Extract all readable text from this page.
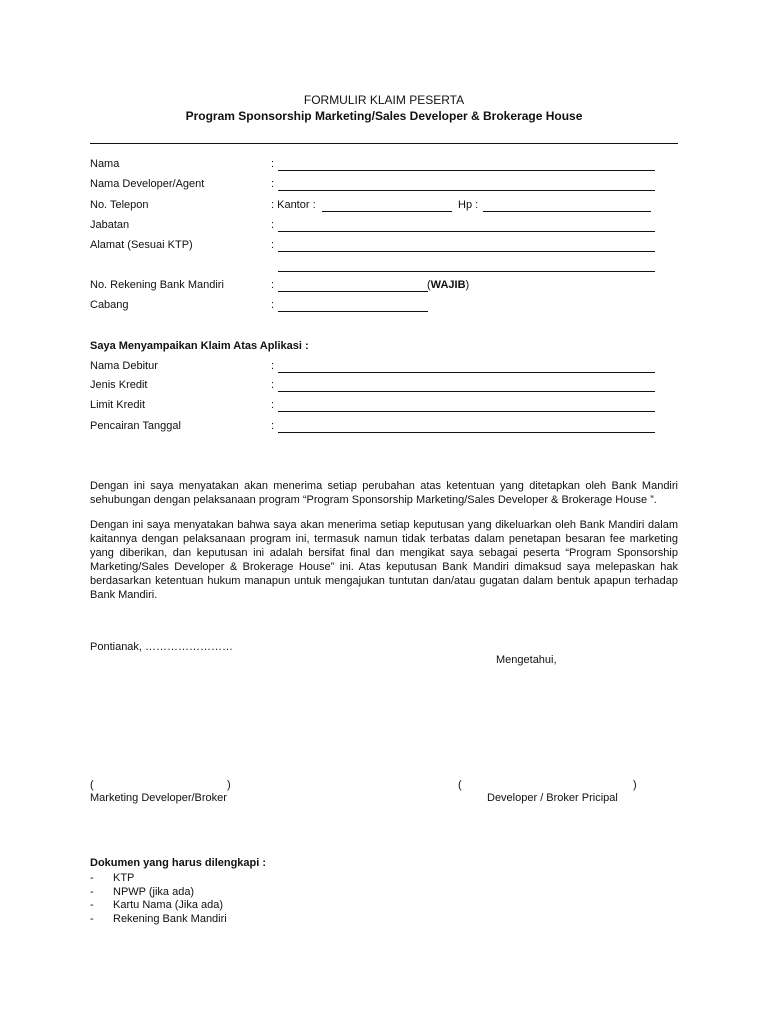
FORMULIR KLAIM PESERTA
Program Sponsorship Marketing/Sales Developer & Brokerage House
Nama	:
Nama Developer/Agent	:
No. Telepon	: Kantor :	Hp :
Jabatan	:
Alamat (Sesuai KTP)	:
No. Rekening Bank Mandiri	:	(WAJIB)
Cabang	:
Saya Menyampaikan Klaim Atas Aplikasi :
Nama Debitur	:
Jenis Kredit	:
Limit Kredit	:
Pencairan Tanggal	:
Dengan ini saya menyatakan akan menerima setiap perubahan atas ketentuan yang ditetapkan oleh Bank Mandiri sehubungan dengan pelaksanaan program “Program Sponsorship Marketing/Sales Developer & Brokerage House ”.
Dengan ini saya menyatakan bahwa saya akan menerima setiap keputusan yang dikeluarkan oleh Bank Mandiri dalam kaitannya dengan pelaksanaan program ini, termasuk namun tidak terbatas dalam penetapan besaran fee marketing yang diberikan, dan keputusan ini adalah bersifat final dan mengikat saya sebagai peserta “Program Sponsorship Marketing/Sales Developer & Brokerage House” ini. Atas keputusan Bank Mandiri dimaksud saya melepaskan hak berdasarkan ketentuan hukum manapun untuk mengajukan tuntutan dan/atau gugatan dalam bentuk apapun terhadap Bank Mandiri.
Pontianak, ……………………
Mengetahui,
(	)	(	)
Marketing Developer/Broker	Developer / Broker Pricipal
Dokumen yang harus dilengkapi :
- KTP
- NPWP (jika ada)
- Kartu Nama (Jika ada)
- Rekening Bank Mandiri
